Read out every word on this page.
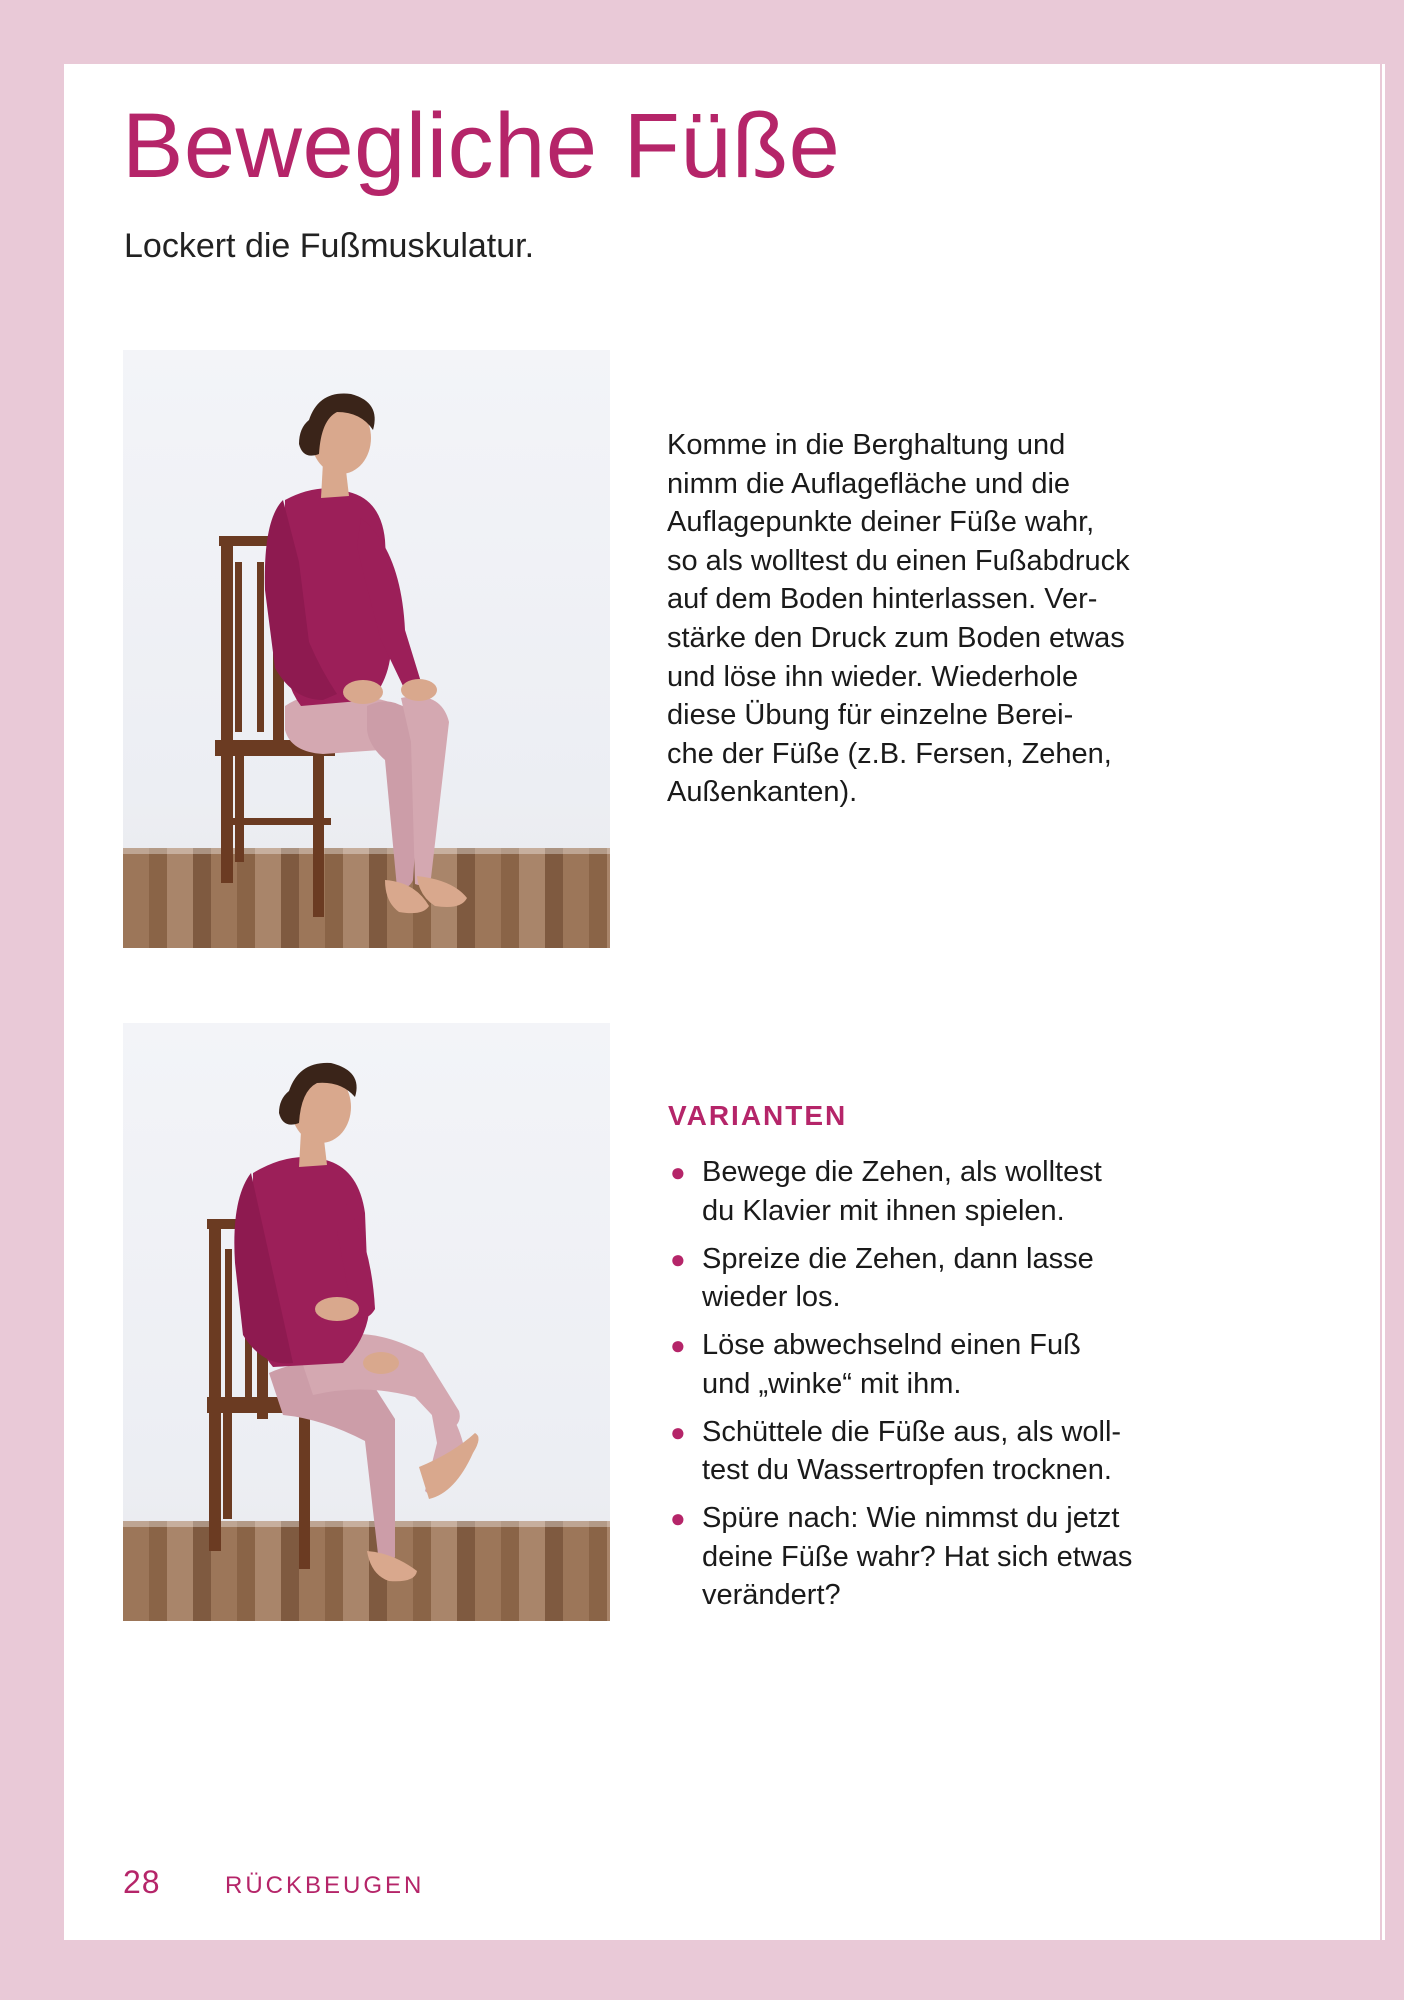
Bewegliche Füße

Lockert die Fußmuskulatur.

Komme in die Berghaltung und
nimm die Auflagefläche und die
Auflagepunkte deiner Füße wahr,
so als wolltest du einen Fußabdruck
auf dem Boden hinterlassen. Ver-
stärke den Druck zum Boden etwas
und löse ihn wieder. Wiederhole
diese Übung für einzelne Berei-
che der Füße (z.B. Fersen, Zehen,
Außenkanten).

VARIANTEN
● Bewege die Zehen, als wolltest
du Klavier mit ihnen spielen.
● Spreize die Zehen, dann lasse
wieder los.
● Löse abwechselnd einen Fuß
und „winke“ mit ihm.
● Schüttele die Füße aus, als woll-
test du Wassertropfen trocknen.
● Spüre nach: Wie nimmst du jetzt
deine Füße wahr? Hat sich etwas
verändert?

28	RÜCKBEUGEN
